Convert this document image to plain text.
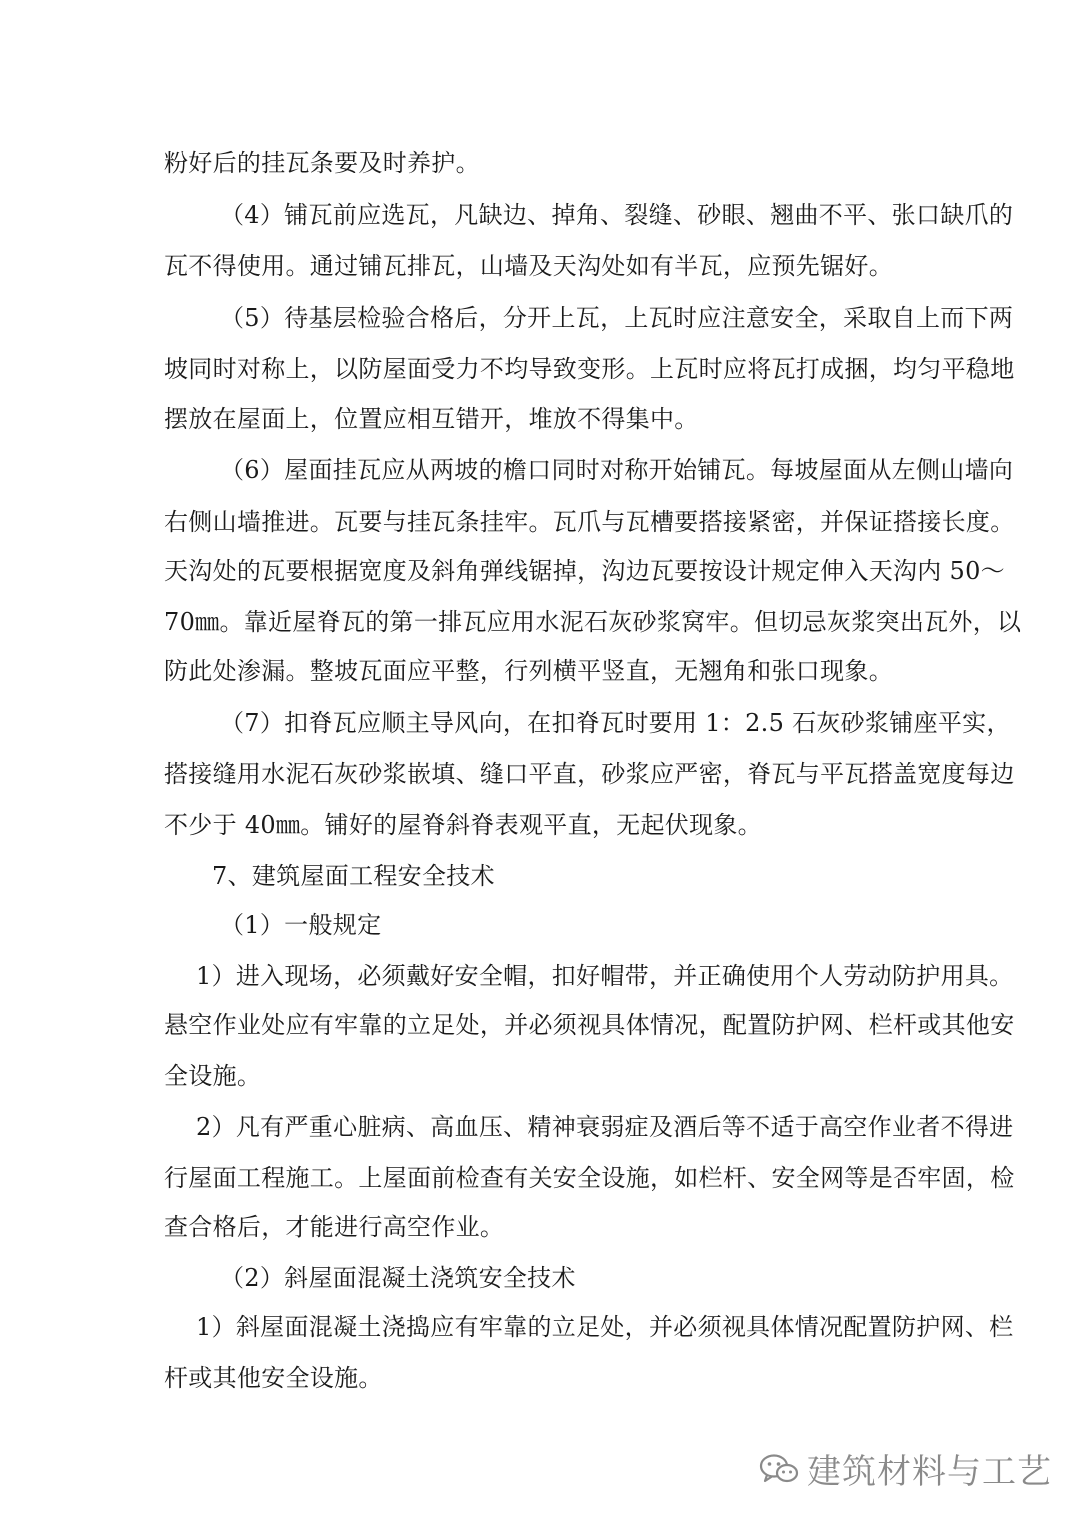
粉好后的挂瓦条要及时养护。
（4）铺瓦前应选瓦，凡缺边、掉角、裂缝、砂眼、翘曲不平、张口缺爪的
瓦不得使用。通过铺瓦排瓦，山墙及天沟处如有半瓦，应预先锯好。
（5）待基层检验合格后，分开上瓦，上瓦时应注意安全，采取自上而下两
坡同时对称上，以防屋面受力不均导致变形。上瓦时应将瓦打成捆，均匀平稳地
摆放在屋面上，位置应相互错开，堆放不得集中。
（6）屋面挂瓦应从两坡的檐口同时对称开始铺瓦。每坡屋面从左侧山墙向
右侧山墙推进。瓦要与挂瓦条挂牢。瓦爪与瓦槽要搭接紧密，并保证搭接长度。
天沟处的瓦要根据宽度及斜角弹线锯掉，沟边瓦要按设计规定伸入天沟内 50～
70㎜。靠近屋脊瓦的第一排瓦应用水泥石灰砂浆窝牢。但切忌灰浆突出瓦外，以
防此处渗漏。整坡瓦面应平整，行列横平竖直，无翘角和张口现象。
（7）扣脊瓦应顺主导风向，在扣脊瓦时要用 1：2.5 石灰砂浆铺座平实，
搭接缝用水泥石灰砂浆嵌填、缝口平直，砂浆应严密，脊瓦与平瓦搭盖宽度每边
不少于 40㎜。铺好的屋脊斜脊表观平直，无起伏现象。
7、建筑屋面工程安全技术
（1）一般规定
1）进入现场，必须戴好安全帽，扣好帽带，并正确使用个人劳动防护用具。
悬空作业处应有牢靠的立足处，并必须视具体情况，配置防护网、栏杆或其他安
全设施。
2）凡有严重心脏病、高血压、精神衰弱症及酒后等不适于高空作业者不得进
行屋面工程施工。上屋面前检查有关安全设施，如栏杆、安全网等是否牢固，检
查合格后，才能进行高空作业。
（2）斜屋面混凝土浇筑安全技术
1）斜屋面混凝土浇捣应有牢靠的立足处，并必须视具体情况配置防护网、栏
杆或其他安全设施。
建筑材料与工艺
